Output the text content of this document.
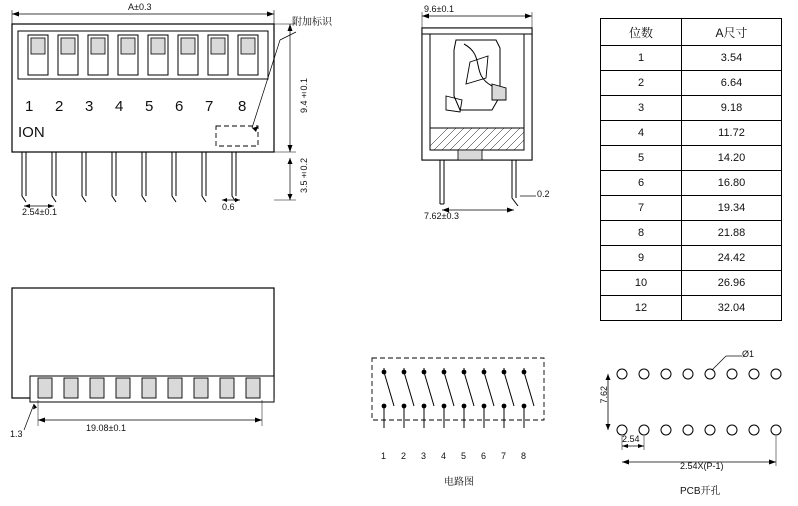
A±0.3
附加标识
1 2 3 4 5 6 7 8
ION
2.54±0.1	0.6
9.4±0.1
3.5±0.2
9.6±0.1
7.62±0.3
0.2
位数	A尺寸
1	3.54
2	6.64
3	9.18
4	11.72
5	14.20
6	16.80
7	19.34
8	21.88
9	24.42
10	26.96
12	32.04
19.08±0.1
1.3
1 2 3 4 5 6 7 8
电路图
Ø1
7.62
2.54
2.54X(P-1)
PCB开孔
